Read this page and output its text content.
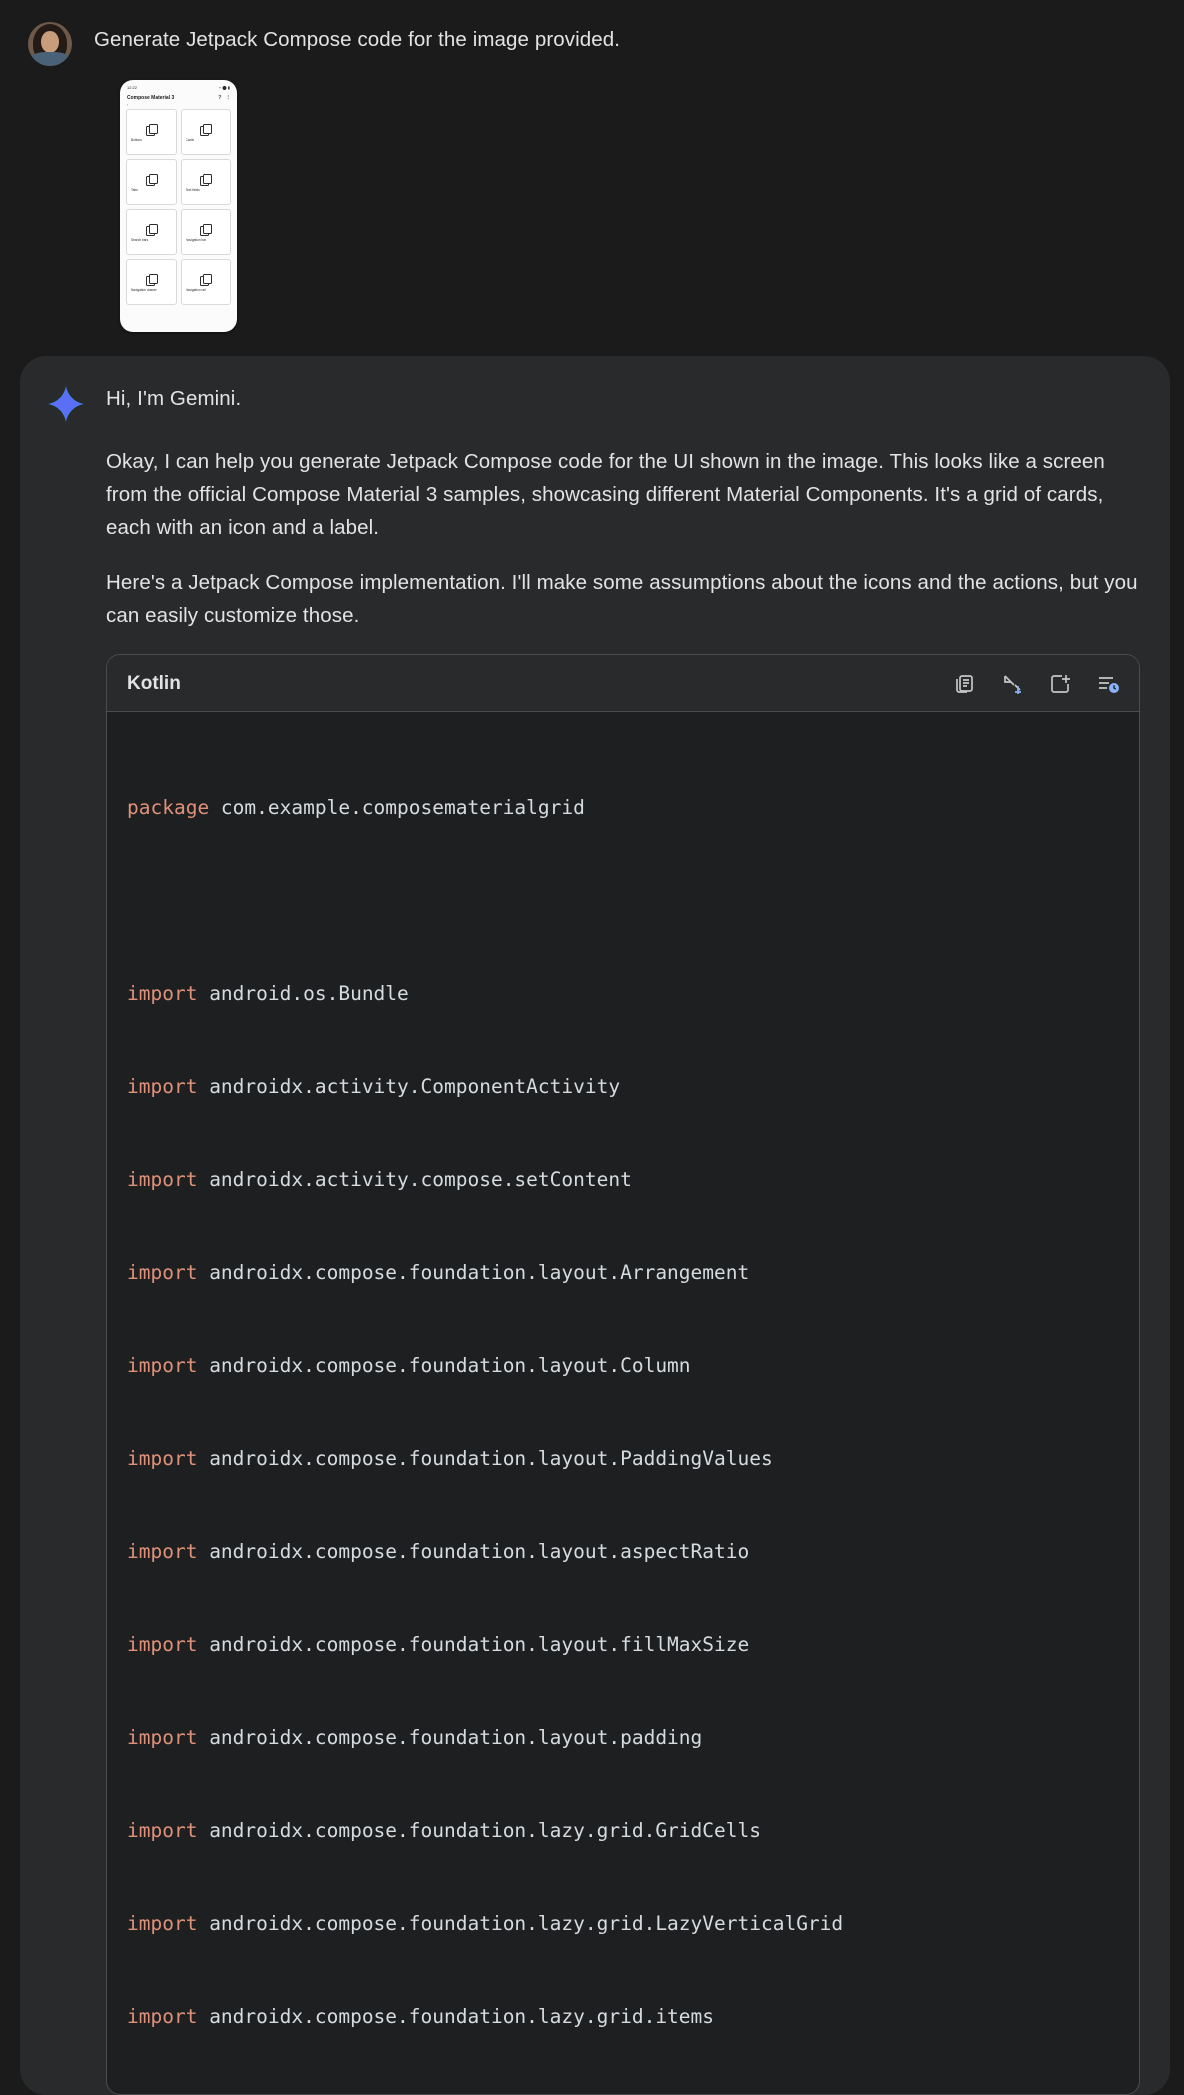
Generate Jetpack Compose code for the image provided.
12:22	⌁ ⬤ ▮
Compose Material 3	? ⋮
‹
Buttons	Cards
Tabs	Text fields
Search bars	Navigation bar
Navigation drawer	Navigation rail

Hi, I'm Gemini.

Okay, I can help you generate Jetpack Compose code for the UI shown in the image. This looks like a screen from the official Compose Material 3 samples, showcasing different Material Components. It's a grid of cards, each with an icon and a label.

Here's a Jetpack Compose implementation. I'll make some assumptions about the icons and the actions, but you can easily customize those.

Kotlin

package com.example.composematerialgrid

import android.os.Bundle

import androidx.activity.ComponentActivity

import androidx.activity.compose.setContent

import androidx.compose.foundation.layout.Arrangement

import androidx.compose.foundation.layout.Column

import androidx.compose.foundation.layout.PaddingValues

import androidx.compose.foundation.layout.aspectRatio

import androidx.compose.foundation.layout.fillMaxSize

import androidx.compose.foundation.layout.padding

import androidx.compose.foundation.lazy.grid.GridCells

import androidx.compose.foundation.lazy.grid.LazyVerticalGrid

import androidx.compose.foundation.lazy.grid.items
